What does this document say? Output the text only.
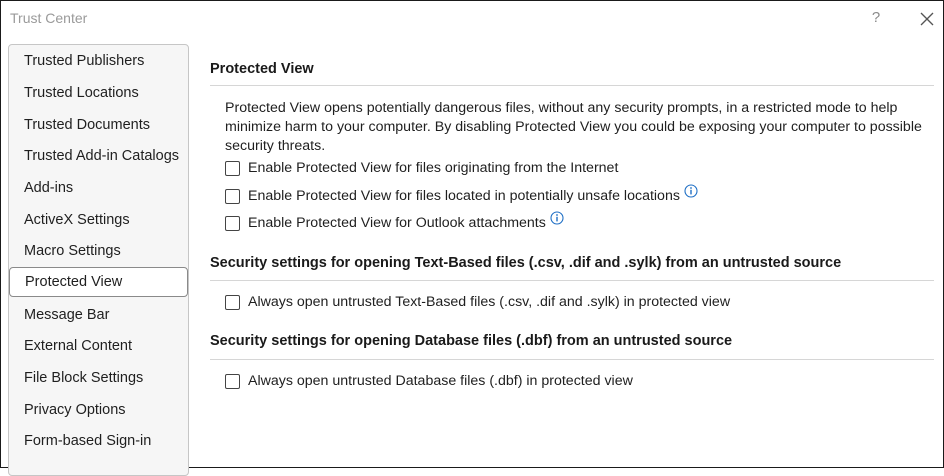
Trust Center	?
Trusted Publishers
Trusted Locations
Trusted Documents
Trusted Add-in Catalogs
Add-ins
ActiveX Settings
Macro Settings
Protected View
Message Bar
External Content
File Block Settings
Privacy Options
Form-based Sign-in
Protected View
Protected View opens potentially dangerous files, without any security prompts, in a restricted mode to help minimize harm to your computer. By disabling Protected View you could be exposing your computer to possible security threats.
Enable Protected View for files originating from the Internet
Enable Protected View for files located in potentially unsafe locations
Enable Protected View for Outlook attachments
Security settings for opening Text-Based files (.csv, .dif and .sylk) from an untrusted source
Always open untrusted Text-Based files (.csv, .dif and .sylk) in protected view
Security settings for opening Database files (.dbf) from an untrusted source
Always open untrusted Database files (.dbf) in protected view
